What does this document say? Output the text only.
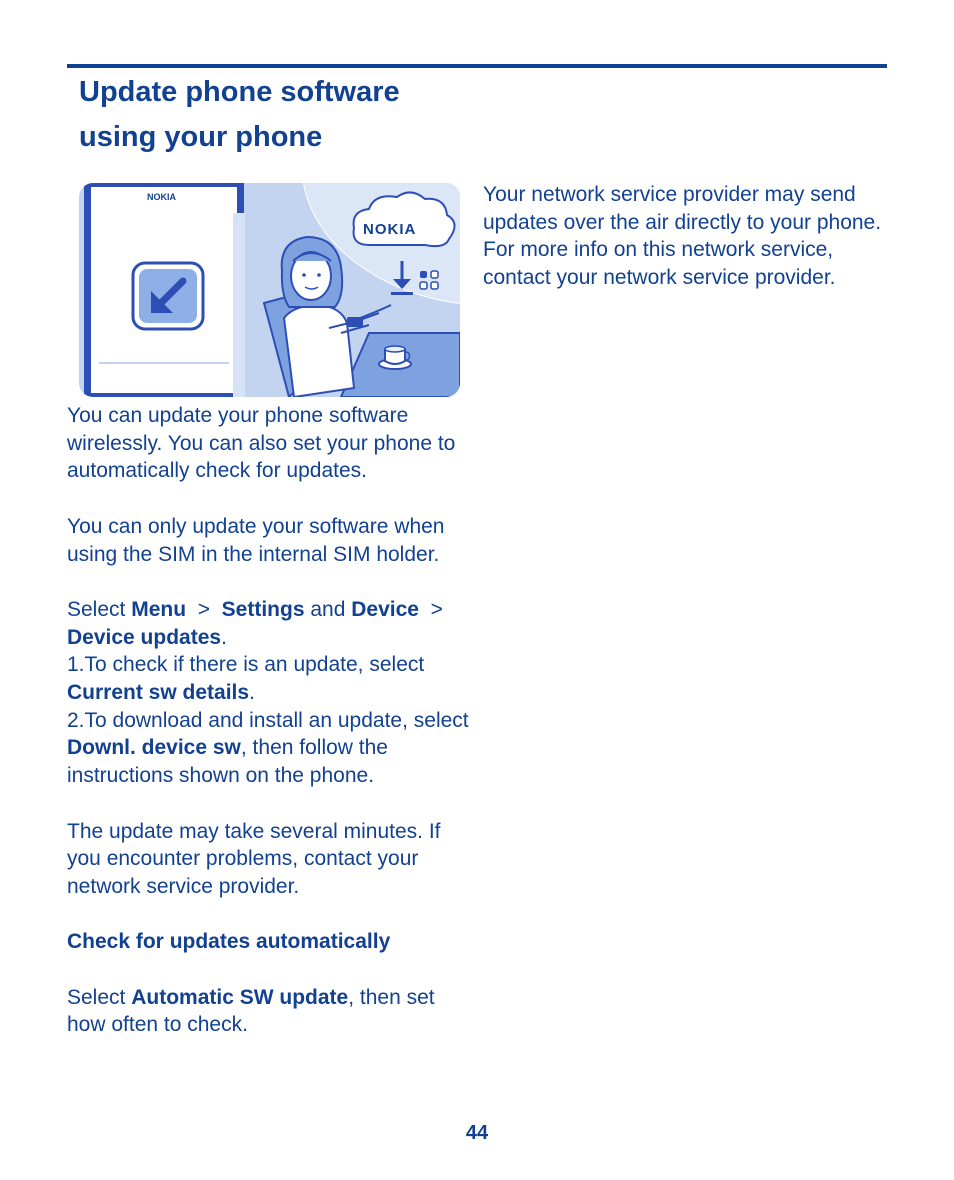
Update phone software
using your phone
NOKIA
NOKIA

You can update your phone software wirelessly. You can also set your phone to automatically check for updates.

You can only update your software when using the SIM in the internal SIM holder.

Select Menu > Settings and Device > Device updates.

1.To check if there is an update, select Current sw details.

2.To download and install an update, select Downl. device sw, then follow the instructions shown on the phone.

The update may take several minutes. If you encounter problems, contact your network service provider.

Check for updates automatically

Select Automatic SW update, then set how often to check.

Your network service provider may send updates over the air directly to your phone. For more info on this network service, contact your network service provider.

44
